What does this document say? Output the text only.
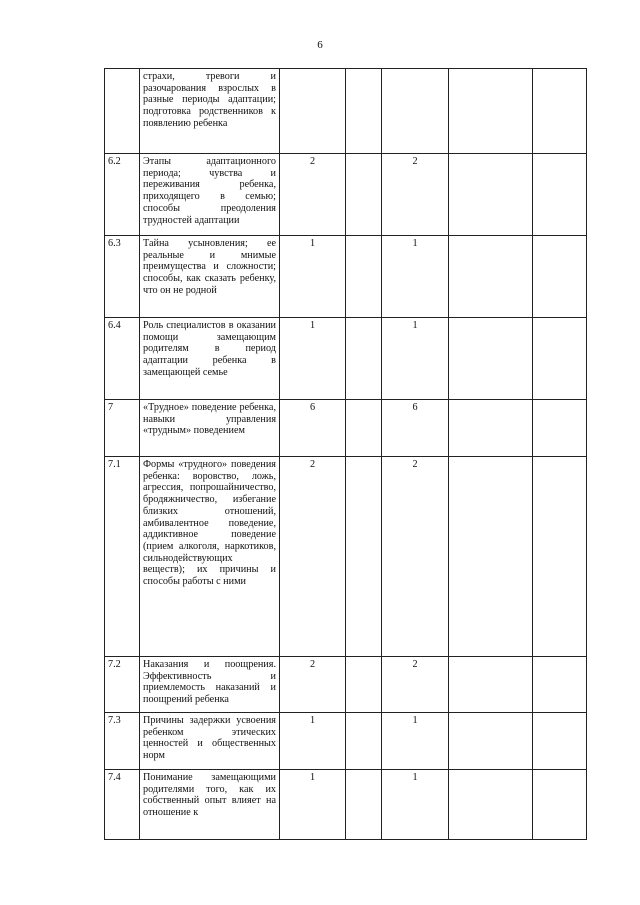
6
	страхи, тревоги и разочарования взрослых в разные периоды адаптации; подготовка родственников к появлению ребенка					
6.2	Этапы адаптационного периода; чувства и переживания ребенка, приходящего в семью; способы преодоления трудностей адаптации	2		2		
6.3	Тайна усыновления; ее реальные и мнимые преимущества и сложности; способы, как сказать ребенку, что он не родной	1		1		
6.4	Роль специалистов в оказании помощи замещающим родителям в период адаптации ребенка в замещающей семье	1		1		
7	«Трудное» поведение ребенка, навыки управления «трудным» поведением	6		6		
7.1	Формы «трудного» поведения ребенка: воровство, ложь, агрессия, попрошайничество, бродяжничество, избегание близких отношений, амбивалентное поведение, аддиктивное поведение (прием алкоголя, наркотиков, сильнодействующих веществ); их причины и способы работы с ними	2		2		
7.2	Наказания и поощрения. Эффективность и приемлемость наказаний и поощрений ребенка	2		2		
7.3	Причины задержки усвоения ребенком этических ценностей и общественных норм	1		1		
7.4	Понимание замещающими родителями того, как их собственный опыт влияет на отношение к	1		1		
